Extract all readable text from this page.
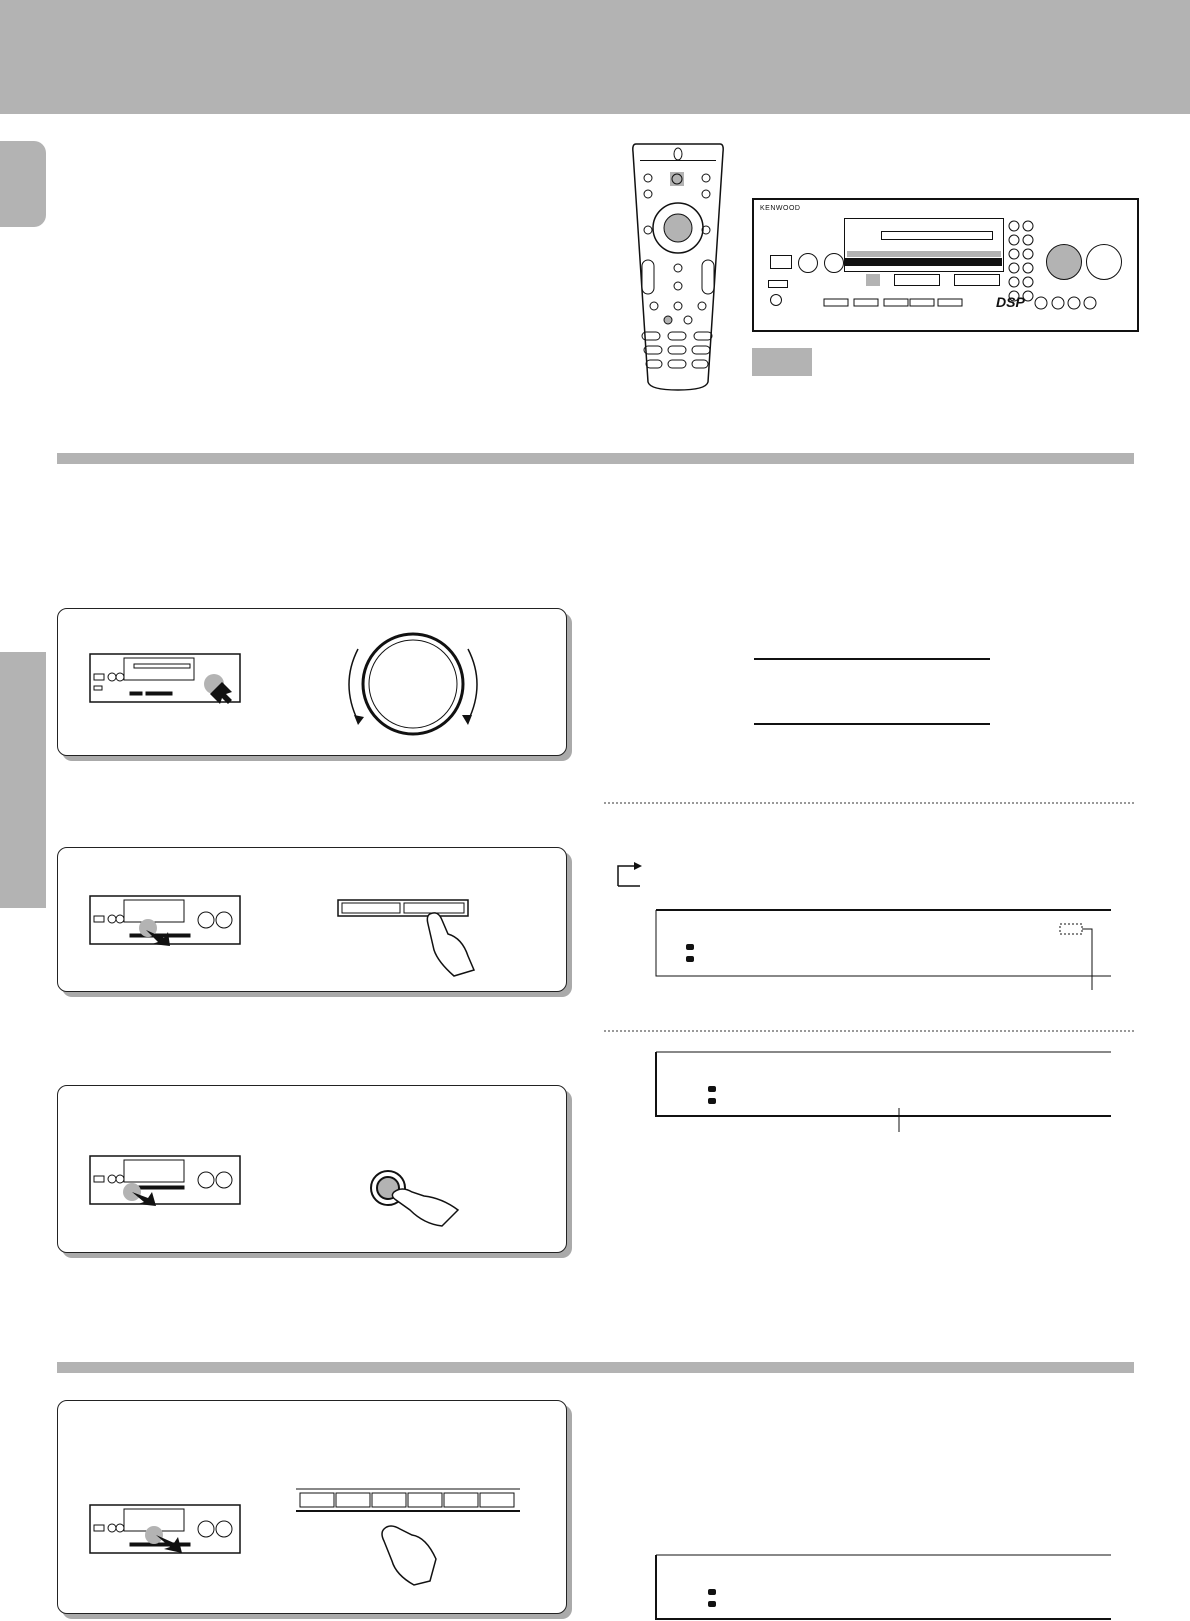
KENWOOD
DSP
